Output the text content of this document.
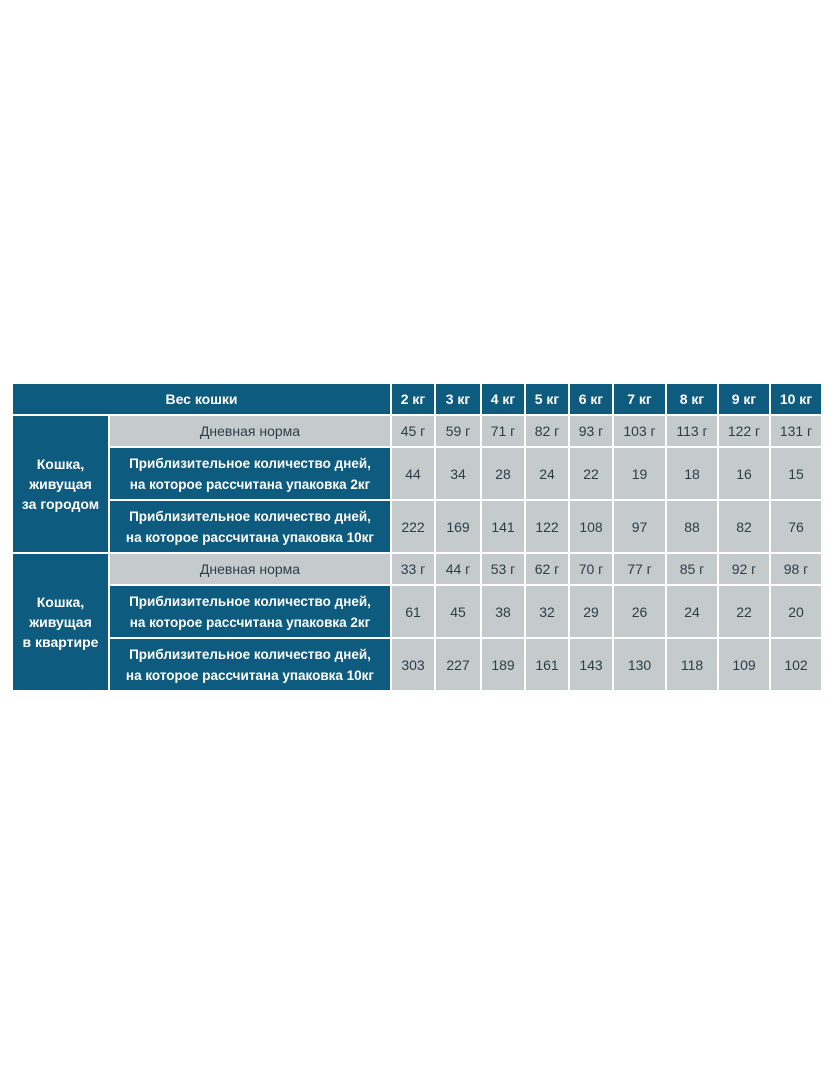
Вес кошки		2 кг	3 кг	4 кг	5 кг	6 кг	7 кг	8 кг	9 кг	10 кг

Кошка,
живущая
за городом	Дневная норма	45 г	59 г	71 г	82 г	93 г	103 г	113 г	122 г	131 г

	Приблизительное количество дней,
на которое рассчитана упаковка 2кг	44	34	28	24	22	19	18	16	15

	Приблизительное количество дней,
на которое рассчитана упаковка 10кг	222	169	141	122	108	97	88	82	76

Кошка,
живущая
в квартире	Дневная норма	33 г	44 г	53 г	62 г	70 г	77 г	85 г	92 г	98 г

	Приблизительное количество дней,
на которое рассчитана упаковка 2кг	61	45	38	32	29	26	24	22	20

	Приблизительное количество дней,
на которое рассчитана упаковка 10кг	303	227	189	161	143	130	118	109	102
